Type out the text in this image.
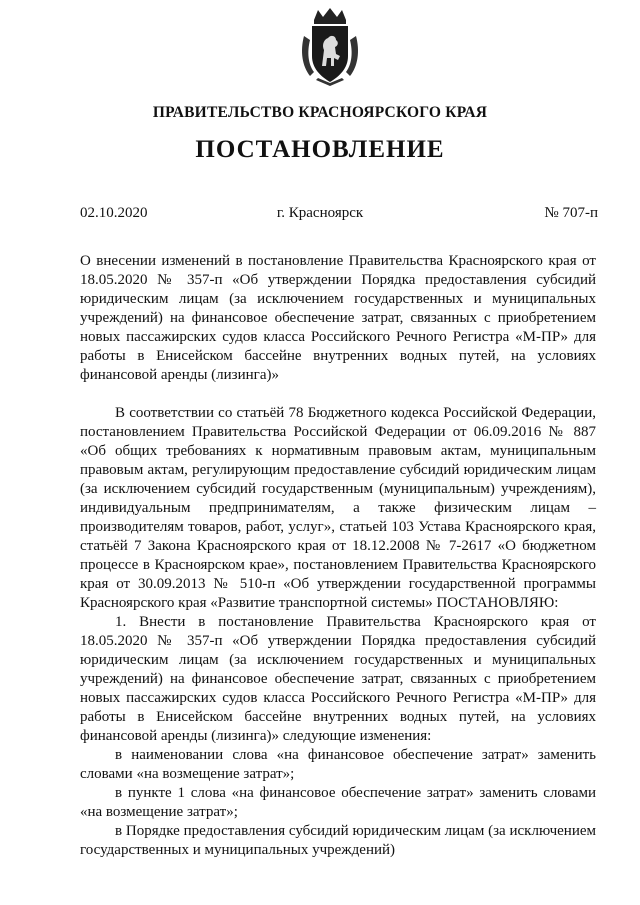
ПРАВИТЕЛЬСТВО КРАСНОЯРСКОГО КРАЯ
ПОСТАНОВЛЕНИЕ
02.10.2020	г. Красноярск	№ 707-п
О внесении изменений в постановление Правительства Красноярского края от 18.05.2020 № 357-п «Об утверждении Порядка предоставления субсидий юридическим лицам (за исключением государственных и муниципальных учреждений) на финансовое обеспечение затрат, связанных с приобретением новых пассажирских судов класса Российского Речного Регистра «М-ПР» для работы в Енисейском бассейне внутренних водных путей, на условиях финансовой аренды (лизинга)»

В соответствии со статьёй 78 Бюджетного кодекса Российской Федерации, постановлением Правительства Российской Федерации от 06.09.2016 № 887 «Об общих требованиях к нормативным правовым актам, муниципальным правовым актам, регулирующим предоставление субсидий юридическим лицам (за исключением субсидий государственным (муниципальным) учреждениям), индивидуальным предпринимателям, а также физическим лицам – производителям товаров, работ, услуг», статьей 103 Устава Красноярского края, статьёй 7 Закона Красноярского края от 18.12.2008 № 7-2617 «О бюджетном процессе в Красноярском крае», постановлением Правительства Красноярского края от 30.09.2013 № 510-п «Об утверждении государственной программы Красноярского края «Развитие транспортной системы» ПОСТАНОВЛЯЮ:

1. Внести в постановление Правительства Красноярского края от 18.05.2020 № 357-п «Об утверждении Порядка предоставления субсидий юридическим лицам (за исключением государственных и муниципальных учреждений) на финансовое обеспечение затрат, связанных с приобретением новых пассажирских судов класса Российского Речного Регистра «М-ПР» для работы в Енисейском бассейне внутренних водных путей, на условиях финансовой аренды (лизинга)» следующие изменения:

в наименовании слова «на финансовое обеспечение затрат» заменить словами «на возмещение затрат»;

в пункте 1 слова «на финансовое обеспечение затрат» заменить словами «на возмещение затрат»;

в Порядке предоставления субсидий юридическим лицам (за исключением государственных и муниципальных учреждений)
